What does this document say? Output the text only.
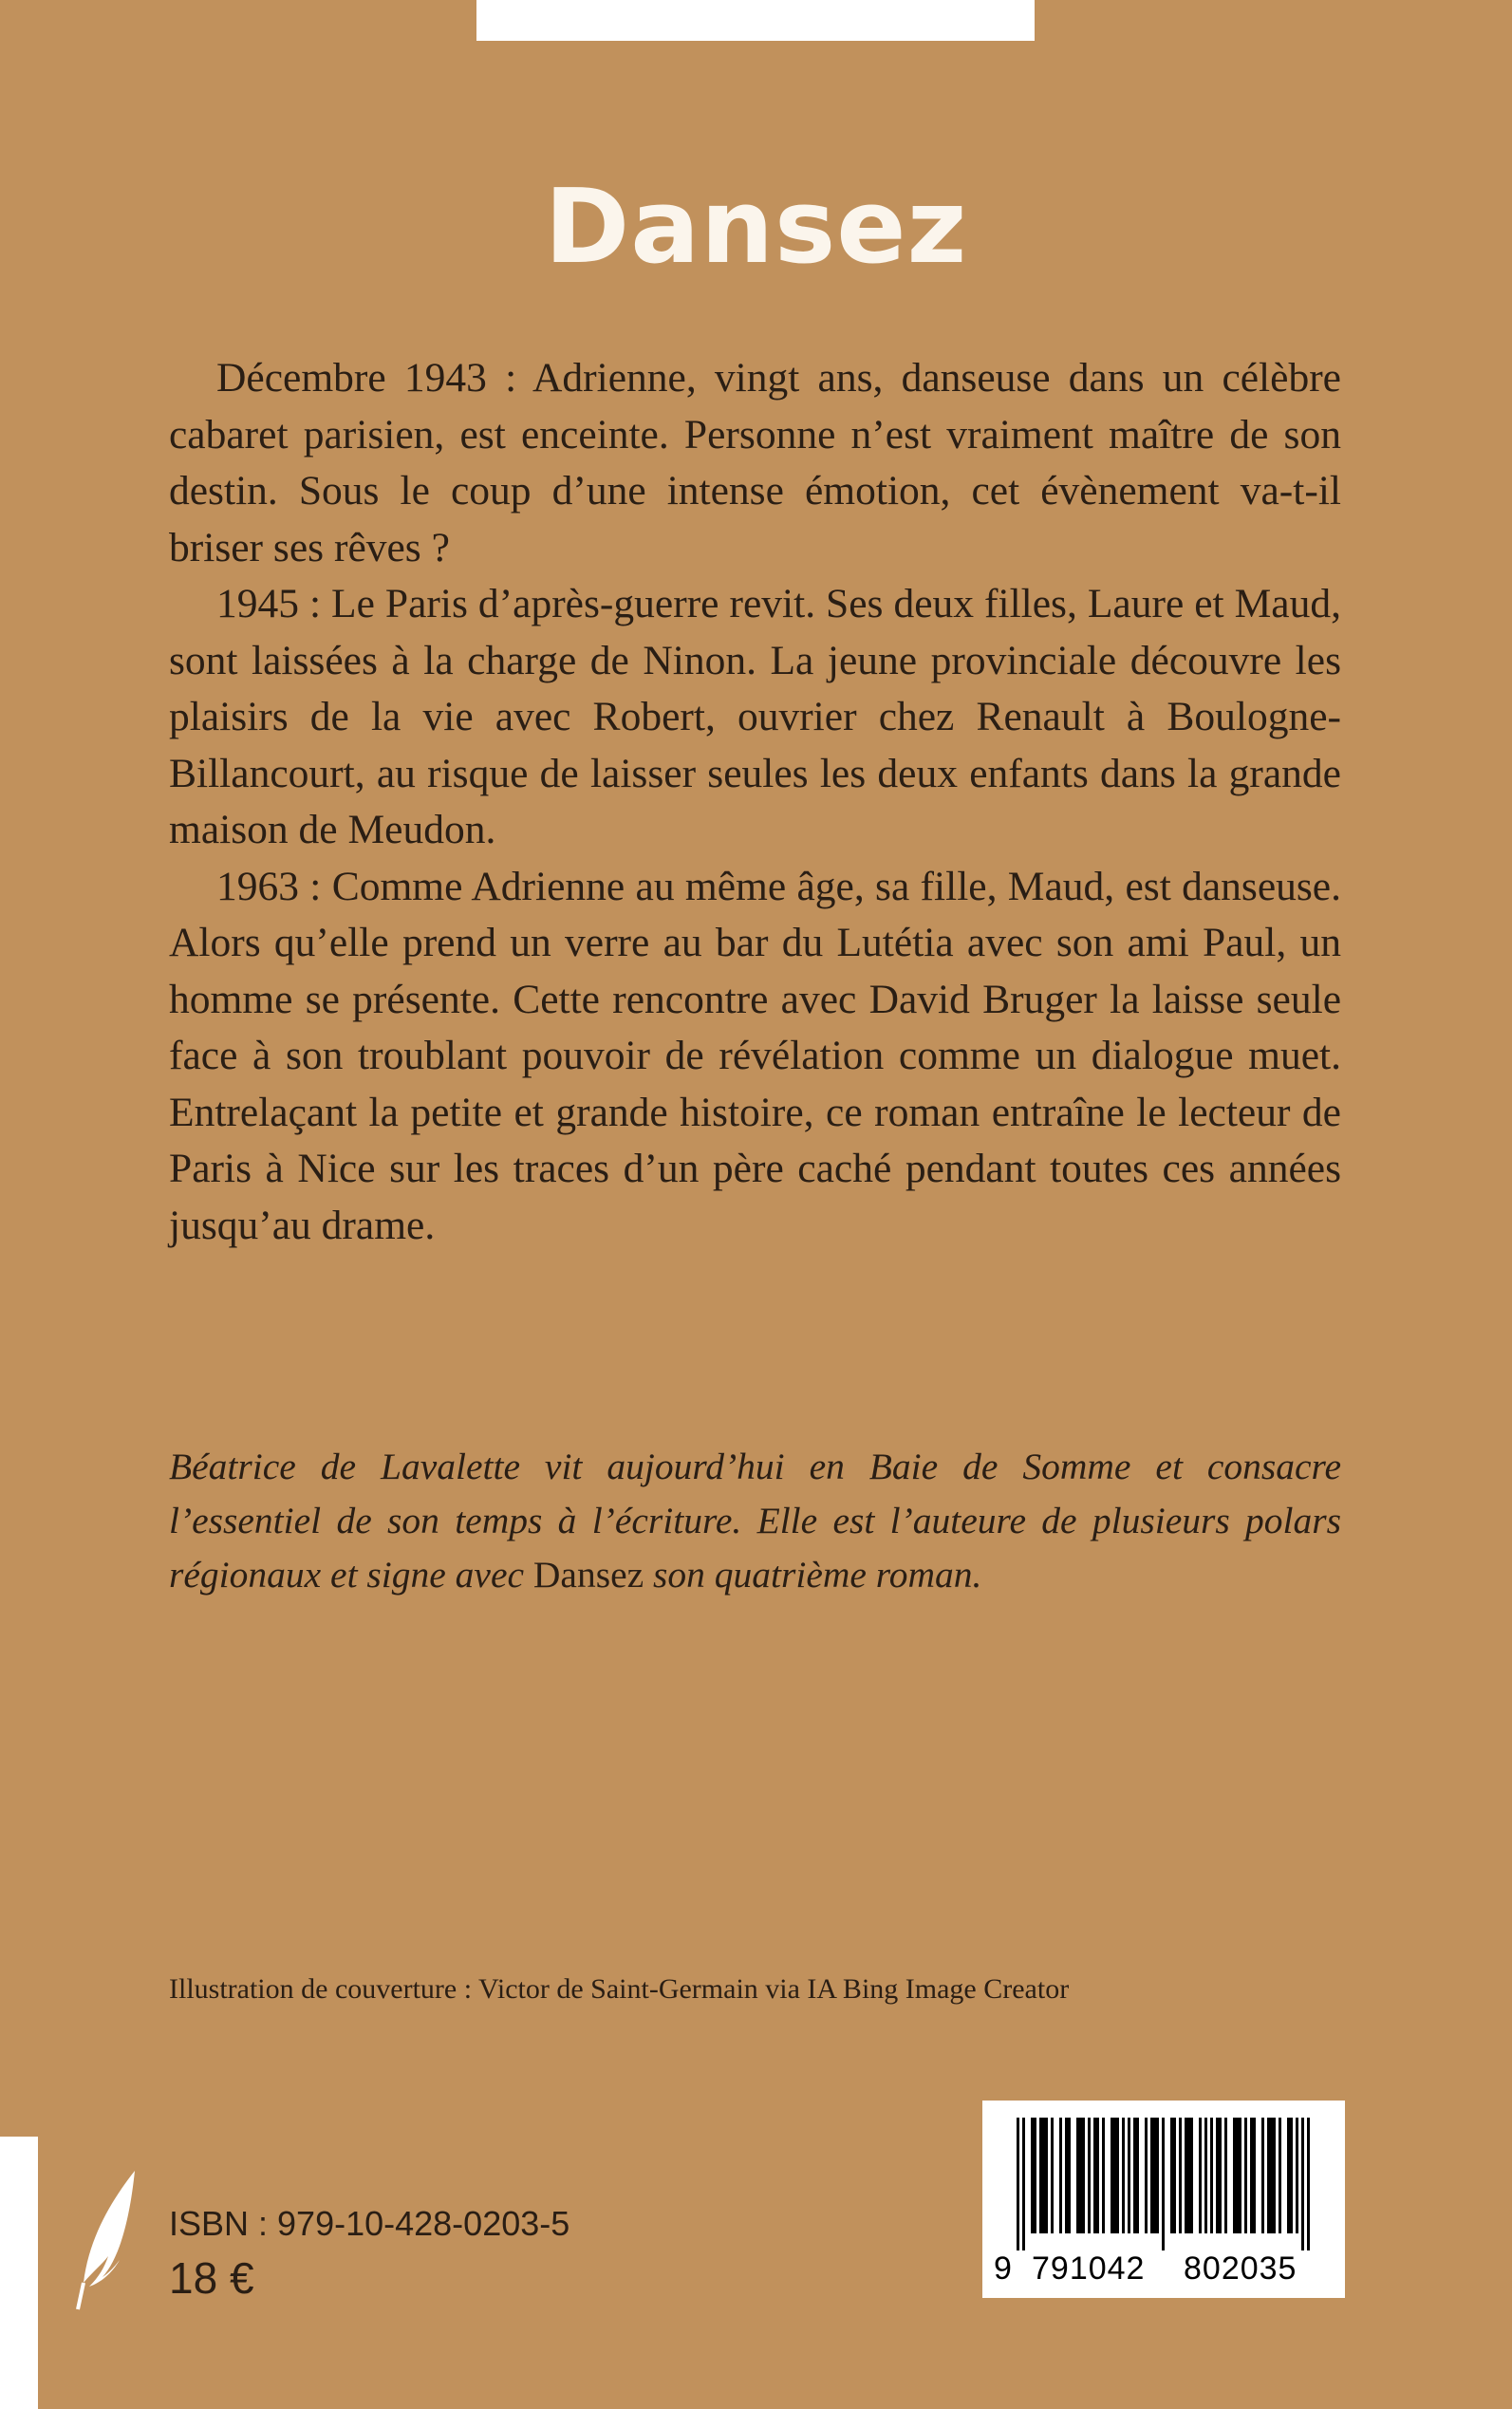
Dansez

Décembre 1943 : Adrienne, vingt ans, danseuse dans un célèbre cabaret parisien, est enceinte. Personne n’est vraiment maître de son destin. Sous le coup d’une intense émotion, cet évènement va-t-il briser ses rêves ?

1945 : Le Paris d’après-guerre revit. Ses deux filles, Laure et Maud, sont laissées à la charge de Ninon. La jeune provinciale découvre les plaisirs de la vie avec Robert, ouvrier chez Renault à Boulogne-Billancourt, au risque de laisser seules les deux enfants dans la grande maison de Meudon.

1963 : Comme Adrienne au même âge, sa fille, Maud, est danseuse. Alors qu’elle prend un verre au bar du Lutétia avec son ami Paul, un homme se présente. Cette rencontre avec David Bruger la laisse seule face à son troublant pouvoir de révélation comme un dialogue muet. Entrelaçant la petite et grande histoire, ce roman entraîne le lecteur de Paris à Nice sur les traces d’un père caché pendant toutes ces années jusqu’au drame.

Béatrice de Lavalette vit aujourd’hui en Baie de Somme et consacre l’essentiel de son temps à l’écriture. Elle est l’auteure de plusieurs polars régionaux et signe avec Dansez son quatrième roman.

Illustration de couverture : Victor de Saint-Germain via IA Bing Image Creator
ISBN : 979-10-428-0203-5
18 €	9 791042 802035
